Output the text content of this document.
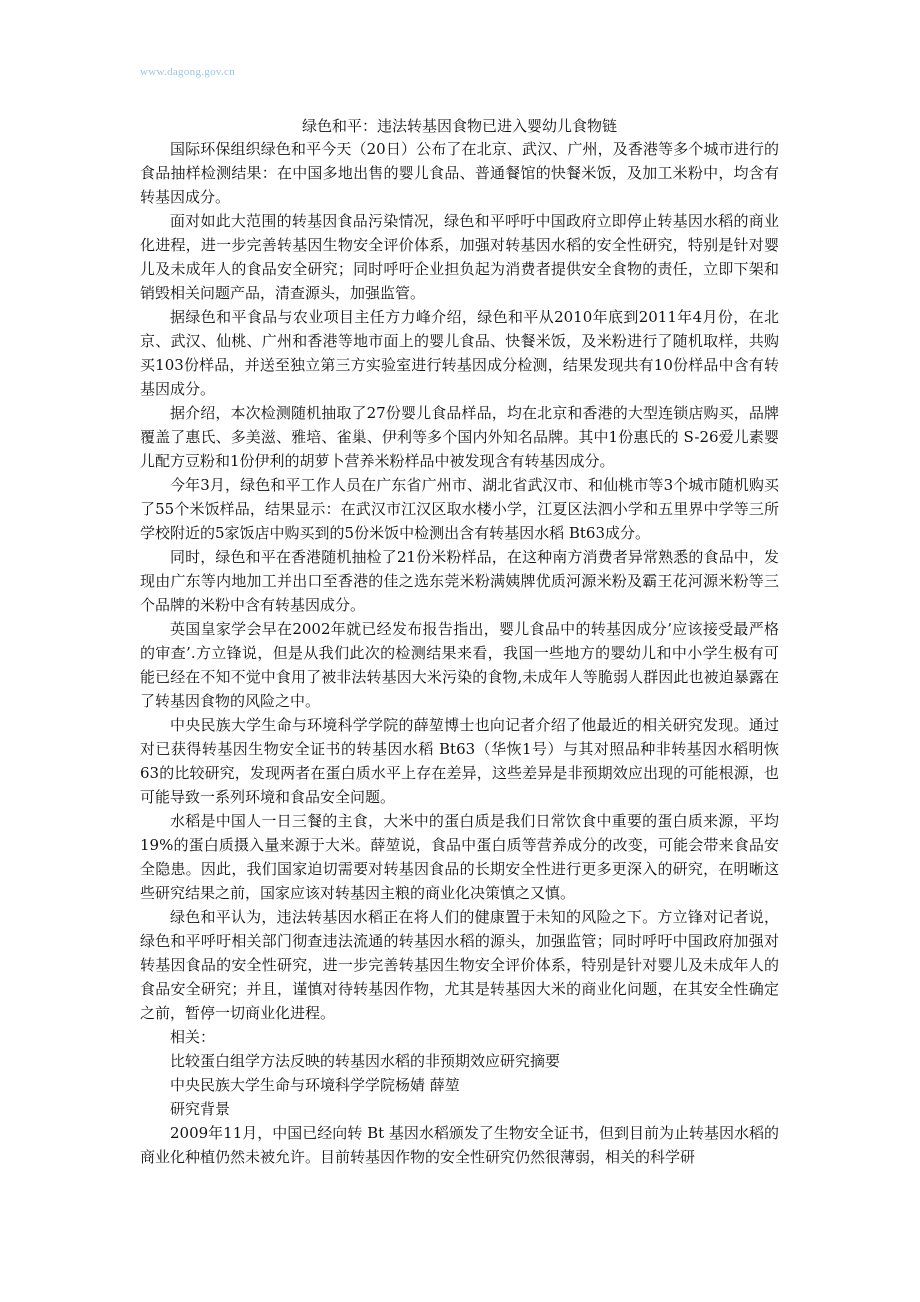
www.dagong.gov.cn
绿色和平：违法转基因食物已进入婴幼儿食物链

国际环保组织绿色和平今天（20日）公布了在北京、武汉、广州，及香港等多个城市进行的食品抽样检测结果：在中国多地出售的婴儿食品、普通餐馆的快餐米饭，及加工米粉中，均含有转基因成分。

面对如此大范围的转基因食品污染情况，绿色和平呼吁中国政府立即停止转基因水稻的商业化进程，进一步完善转基因生物安全评价体系，加强对转基因水稻的安全性研究，特别是针对婴儿及未成年人的食品安全研究；同时呼吁企业担负起为消费者提供安全食物的责任，立即下架和销毁相关问题产品，清查源头，加强监管。

据绿色和平食品与农业项目主任方力峰介绍，绿色和平从2010年底到2011年4月份，在北京、武汉、仙桃、广州和香港等地市面上的婴儿食品、快餐米饭，及米粉进行了随机取样，共购买103份样品，并送至独立第三方实验室进行转基因成分检测，结果发现共有10份样品中含有转基因成分。

据介绍，本次检测随机抽取了27份婴儿食品样品，均在北京和香港的大型连锁店购买，品牌覆盖了惠氏、多美滋、雅培、雀巢、伊利等多个国内外知名品牌。其中1份惠氏的 S-26爱儿素婴儿配方豆粉和1份伊利的胡萝卜营养米粉样品中被发现含有转基因成分。

今年3月，绿色和平工作人员在广东省广州市、湖北省武汉市、和仙桃市等3个城市随机购买了55个米饭样品，结果显示：在武汉市江汉区取水楼小学，江夏区法泗小学和五里界中学等三所学校附近的5家饭店中购买到的5份米饭中检测出含有转基因水稻 Bt63成分。

同时，绿色和平在香港随机抽检了21份米粉样品，在这种南方消费者异常熟悉的食品中，发现由广东等内地加工并出口至香港的佳之选东莞米粉满姨牌优质河源米粉及霸王花河源米粉等三个品牌的米粉中含有转基因成分。

英国皇家学会早在2002年就已经发布报告指出，婴儿食品中的转基因成分’应该接受最严格的审查’.方立锋说，但是从我们此次的检测结果来看，我国一些地方的婴幼儿和中小学生极有可能已经在不知不觉中食用了被非法转基因大米污染的食物,未成年人等脆弱人群因此也被迫暴露在了转基因食物的风险之中。

中央民族大学生命与环境科学学院的薛堃博士也向记者介绍了他最近的相关研究发现。通过对已获得转基因生物安全证书的转基因水稻 Bt63（华恢1号）与其对照品种非转基因水稻明恢63的比较研究，发现两者在蛋白质水平上存在差异，这些差异是非预期效应出现的可能根源，也可能导致一系列环境和食品安全问题。

水稻是中国人一日三餐的主食，大米中的蛋白质是我们日常饮食中重要的蛋白质来源，平均19%的蛋白质摄入量来源于大米。薛堃说，食品中蛋白质等营养成分的改变，可能会带来食品安全隐患。因此，我们国家迫切需要对转基因食品的长期安全性进行更多更深入的研究，在明晰这些研究结果之前，国家应该对转基因主粮的商业化决策慎之又慎。

绿色和平认为，违法转基因水稻正在将人们的健康置于未知的风险之下。方立锋对记者说，绿色和平呼吁相关部门彻查违法流通的转基因水稻的源头，加强监管；同时呼吁中国政府加强对转基因食品的安全性研究，进一步完善转基因生物安全评价体系，特别是针对婴儿及未成年人的食品安全研究；并且，谨慎对待转基因作物，尤其是转基因大米的商业化问题，在其安全性确定之前，暂停一切商业化进程。

相关：

比较蛋白组学方法反映的转基因水稻的非预期效应研究摘要

中央民族大学生命与环境科学学院杨婧 薛堃

研究背景

2009年11月，中国已经向转 Bt 基因水稻颁发了生物安全证书，但到目前为止转基因水稻的商业化种植仍然未被允许。目前转基因作物的安全性研究仍然很薄弱，相关的科学研
